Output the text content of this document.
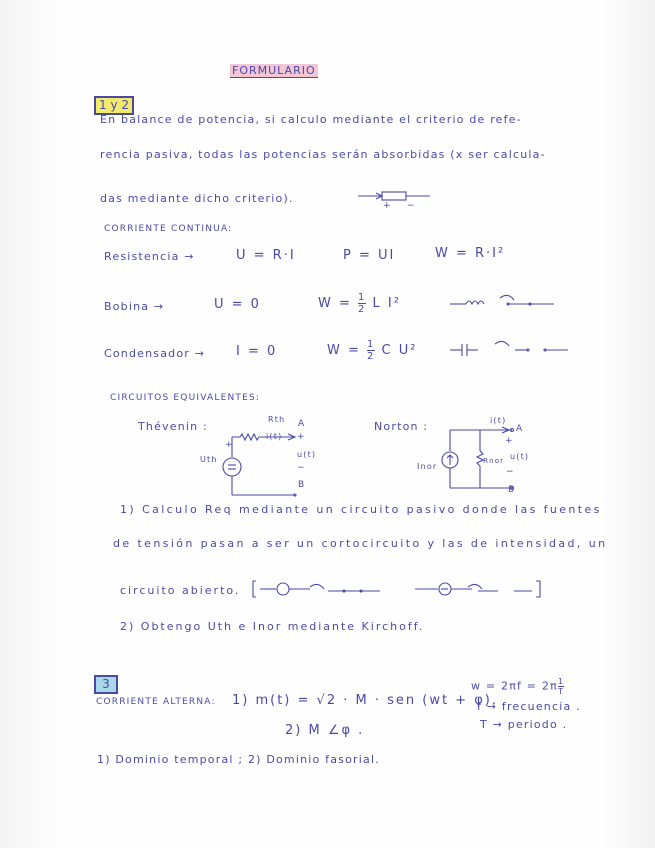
FORMULARIO
1 y 2
En balance de potencia, si calculo mediante el criterio de refe-
rencia pasiva, todas las potencias serán absorbidas (x ser calcula-
das mediante dicho criterio).
+ −
CORRIENTE CONTINUA:
Resistencia →	U = R·I	P = UI	W = R·I²
Bobina →	U = 0	$W = \frac{1}{2}$ L I²
Condensador → I = 0	$W = \frac{1}{2}$ C U²
CIRCUITOS EQUIVALENTES:
Thévenin :
Rth A
i(t) +
+
Uth
u(t)
−
B
Norton :	i(t)
A
+
Rnor u(t)
Inor
−
B
1) Calculo Req mediante un circuito pasivo donde las fuentes
de tensión pasan a ser un cortocircuito y las de intensidad, un
circuito abierto.
2) Obtengo Uth e Inor mediante Kirchoff.
3
CORRIENTE ALTERNA: 1) m(t) = √2 · M · sen (wt + φ).
2) M ∠φ .
$w = 2\pi f = 2\pi \frac{1}{T}$
f → frecuencia .
T → periodo .
1) Dominio temporal ; 2) Dominio fasorial.
